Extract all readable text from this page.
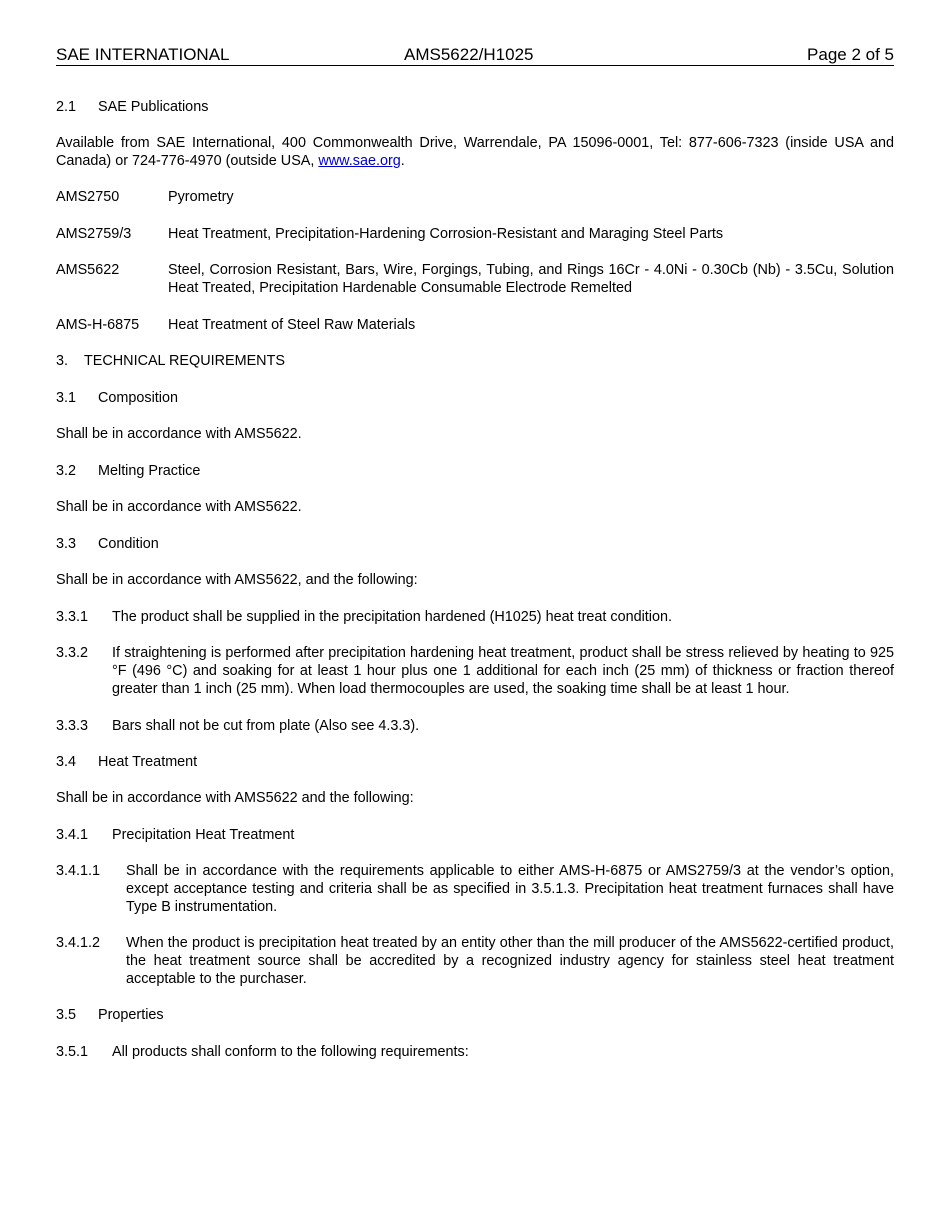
SAE INTERNATIONAL	AMS5622/H1025	Page 2 of 5
2.1 SAE Publications
Available from SAE International, 400 Commonwealth Drive, Warrendale, PA 15096-0001, Tel: 877-606-7323 (inside USA and Canada) or 724-776-4970 (outside USA, www.sae.org.
AMS2750	Pyrometry
AMS2759/3	Heat Treatment, Precipitation-Hardening Corrosion-Resistant and Maraging Steel Parts
AMS5622	Steel, Corrosion Resistant, Bars, Wire, Forgings, Tubing, and Rings 16Cr - 4.0Ni - 0.30Cb (Nb) - 3.5Cu, Solution Heat Treated, Precipitation Hardenable Consumable Electrode Remelted
AMS-H-6875	Heat Treatment of Steel Raw Materials
3. TECHNICAL REQUIREMENTS
3.1 Composition
Shall be in accordance with AMS5622.
3.2 Melting Practice
Shall be in accordance with AMS5622.
3.3 Condition
Shall be in accordance with AMS5622, and the following:
3.3.1	The product shall be supplied in the precipitation hardened (H1025) heat treat condition.
3.3.2	If straightening is performed after precipitation hardening heat treatment, product shall be stress relieved by heating to 925 °F (496 °C) and soaking for at least 1 hour plus one 1 additional for each inch (25 mm) of thickness or fraction thereof greater than 1 inch (25 mm). When load thermocouples are used, the soaking time shall be at least 1 hour.
3.3.3	Bars shall not be cut from plate (Also see 4.3.3).
3.4 Heat Treatment
Shall be in accordance with AMS5622 and the following:
3.4.1 Precipitation Heat Treatment
3.4.1.1	Shall be in accordance with the requirements applicable to either AMS-H-6875 or AMS2759/3 at the vendor’s option, except acceptance testing and criteria shall be as specified in 3.5.1.3. Precipitation heat treatment furnaces shall have Type B instrumentation.
3.4.1.2	When the product is precipitation heat treated by an entity other than the mill producer of the AMS5622-certified product, the heat treatment source shall be accredited by a recognized industry agency for stainless steel heat treatment acceptable to the purchaser.
3.5 Properties
3.5.1	All products shall conform to the following requirements:
